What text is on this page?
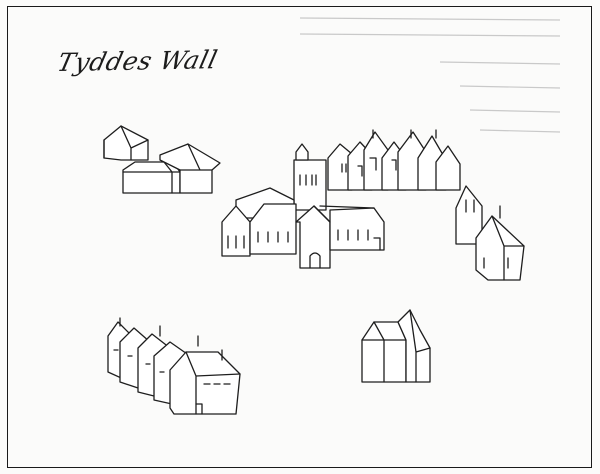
Tyddes Wall
